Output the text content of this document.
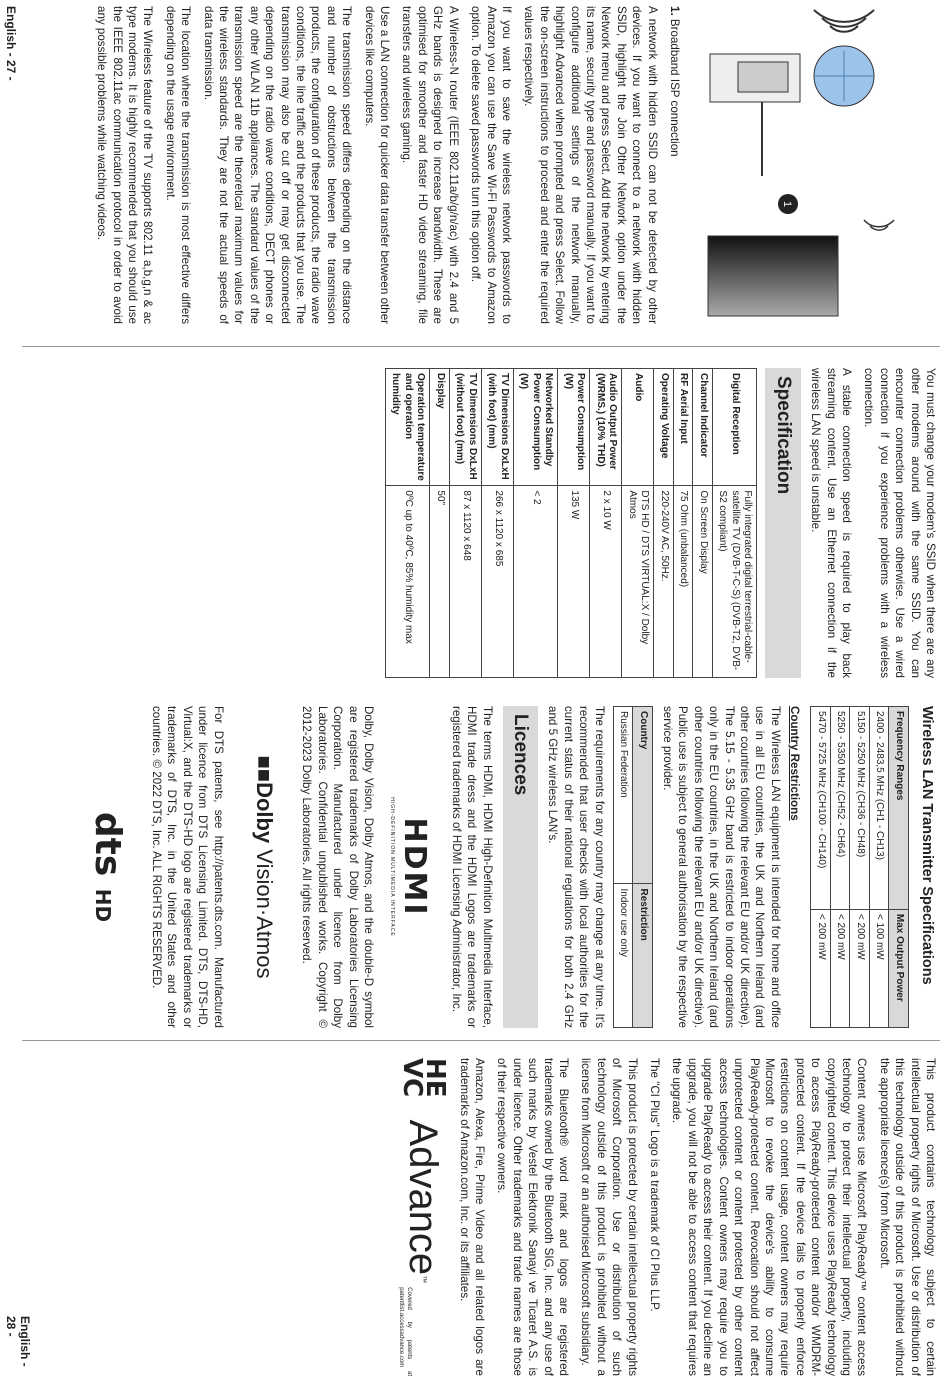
1

1. Broadband ISP connection

A network with hidden SSID can not be detected by other devices. If you want to connect to a network with hidden SSID, highlight the Join Other Network option under the Network menu and press Select. Add the network by entering its name, security type and password manually. If you want to configure additional settings of the network manually, highlight Advanced when prompted and press Select. Follow the on-screen instructions to proceed and enter the required values respectively.

If you want to save the wireless network passwords to Amazon you can use the Save Wi-Fi Passwords to Amazon option. To delete saved passwords turn this option off.

A Wireless-N router (IEEE 802.11a/b/g/n/ac) with 2.4 and 5 GHz bands is designed to increase bandwidth. These are optimised for smoother and faster HD video streaming, file transfers and wireless gaming.

Use a LAN connection for quicker data transfer between other devices like computers.

The transmission speed differs depending on the distance and number of obstructions between the transmission products, the configuration of these products, the radio wave conditions, the line traffic and the products that you use. The transmission may also be cut off or may get disconnected depending on the radio wave conditions, DECT phones or any other WLAN 11b appliances. The standard values of the transmission speed are the theoretical maximum values for the wireless standards. They are not the actual speeds of data transmission.

The location where the transmission is most effective differs depending on the usage environment.

The Wireless feature of the TV supports 802.11 a,b,g,n & ac type modems. It is highly recommended that you should use the IEEE 802.11ac communication protocol in order to avoid any possible problems while watching videos.

You must change your modem's SSID when there are any other modems around with the same SSID. You can encounter connection problems otherwise. Use a wired connection if you experience problems with a wireless connection.

A stable connection speed is required to play back streaming content. Use an Ethernet connection if the wireless LAN speed is unstable.

Specification
Digital Reception	Fully integrated digital terrestrial-cable-satellite TV (DVB-T-C-S) (DVB-T2, DVB-S2 compliant)
Channel Indicator	On Screen Display
RF Aerial Input	75 Ohm (unbalanced)
Operating Voltage	220-240V AC, 50Hz.
Audio	DTS HD / DTS VIRTUAL:X / Dolby Atmos
Audio Output Power (WRMS.) (10% THD)	2 x 10 W
Power Consumption (W)	135 W
Networked Standby Power Consumption (W)	< 2
TV Dimensions DxLxH (with foot) (mm)	266 x 1120 x 685
TV Dimensions DxLxH (without foot) (mm)	87 x 1120 x 648
Display	50"
Operation temperature and operation humidity	0ºC up to 40ºC, 85% humidity max
Wireless LAN Transmitter Specifications
Frequency Ranges	Max Output Power
2400 - 2483,5 MHz (CH1 - CH13)	< 100 mW
5150 - 5250 MHz (CH36 - CH48)	< 200 mW
5250 - 5350 MHz (CH52 - CH64)	< 200 mW
5470 - 5725 MHz (CH100 - CH140)	< 200 mW
Country Restrictions

The Wireless LAN equipment is intended for home and office use in all EU countries, the UK and Northern Ireland (and other countries following the relevant EU and/or UK directive). The 5.15 - 5.35 GHz band is restricted to indoor operations only in the EU countries, in the UK and Northern Ireland (and other countries following the relevant EU and/or UK directive). Public use is subject to general authorisation by the respective service provider.

Country	Restriction
Russian Federation	Indoor use only

The requirements for any country may change at any time. It's recommended that user checks with local authorities for the current status of their national regulations for both 2.4 GHz and 5 GHz wireless LAN's.

Licences

The terms HDMI, HDMI High-Definition Multimedia Interface, HDMI trade dress and the HDMI Logos are trademarks or registered trademarks of HDMI Licensing Administrator, Inc.

HDMI
HIGH-DEFINITION MULTIMEDIA INTERFACE

Dolby, Dolby Vision, Dolby Atmos, and the double-D symbol are registered trademarks of Dolby Laboratories Licensing Corporation. Manufactured under licence from Dolby Laboratories. Confidential unpublished works. Copyright © 2012-2023 Dolby Laboratories. All rights reserved.

■■Dolby Vision·Atmos

For DTS patents, see http://patents.dts.com. Manufactured under licence from DTS Licensing Limited. DTS, DTS-HD, Virtual:X, and the DTS-HD logo are registered trademarks or trademarks of DTS, Inc. in the United States and other countries. © 2022 DTS, Inc. ALL RIGHTS RESERVED.

dts HD

This product contains technology subject to certain intellectual property rights of Microsoft. Use or distribution of this technology outside of this product is prohibited without the appropriate licence(s) from Microsoft.

Content owners use Microsoft PlayReady™ content access technology to protect their intellectual property, including copyrighted content. This device uses PlayReady technology to access PlayReady-protected content and/or WMDRM-protected content. If the device fails to properly enforce restrictions on content usage, content owners may require Microsoft to revoke the device's ability to consume PlayReady-protected content. Revocation should not affect unprotected content or content protected by other content access technologies. Content owners may require you to upgrade PlayReady to access their content. If you decline an upgrade, you will not be able to access content that requires the upgrade.

The "CI Plus" Logo is a trademark of CI Plus LLP.

This product is protected by certain intellectual property rights of Microsoft Corporation. Use or distribution of such technology outside of this product is prohibited without a license from Microsoft or an authorised Microsoft subsidiary.

The Bluetooth® word mark and logos are registered trademarks owned by the Bluetooth SIG, Inc. and any use of such marks by Vestel Elektronik Sanayi ve Ticaret A.S. is under licence. Other trademarks and trade names are those of their respective owners.

Amazon, Alexa, Fire, Prime Video and all related logos are trademarks of Amazon.com, Inc. or its affiliates.

HE VC
Advance
™
Covered by patents at patentlist.accessadvance.com
English - 27 -
English - 28 -
